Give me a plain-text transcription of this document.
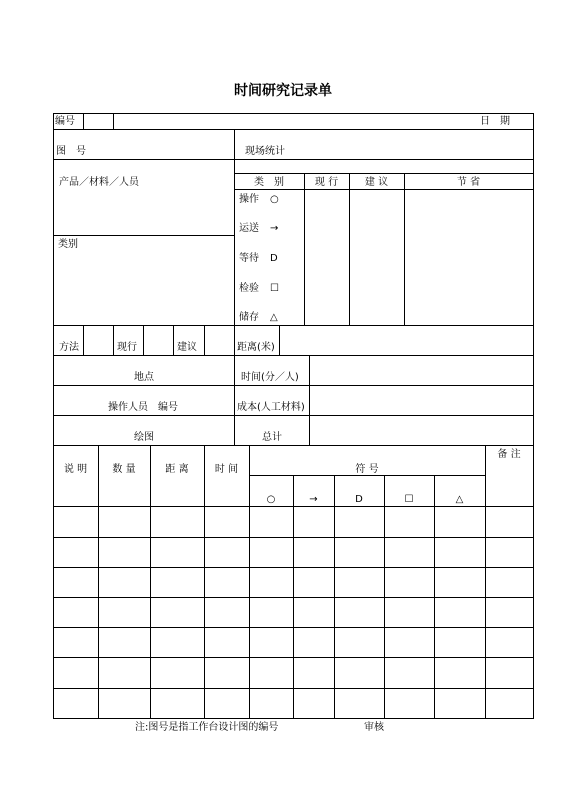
时间研究记录单
编号	日　期
图　号	现场统计
产品／材料／人员
类别
类　别	现 行	建 议	节 省
操作 ○
运送 →
等待 D
检验 ☐
储存 △
方法	现行	建议	距离(米)
地点	时间(分／人)
操作人员　编号	成本(人工材料)
绘图	总计
说 明	数 量	距 离	时 间	符 号
备 注
○	→	D	☐	△
注:图号是指工作台设计图的编号	审核
